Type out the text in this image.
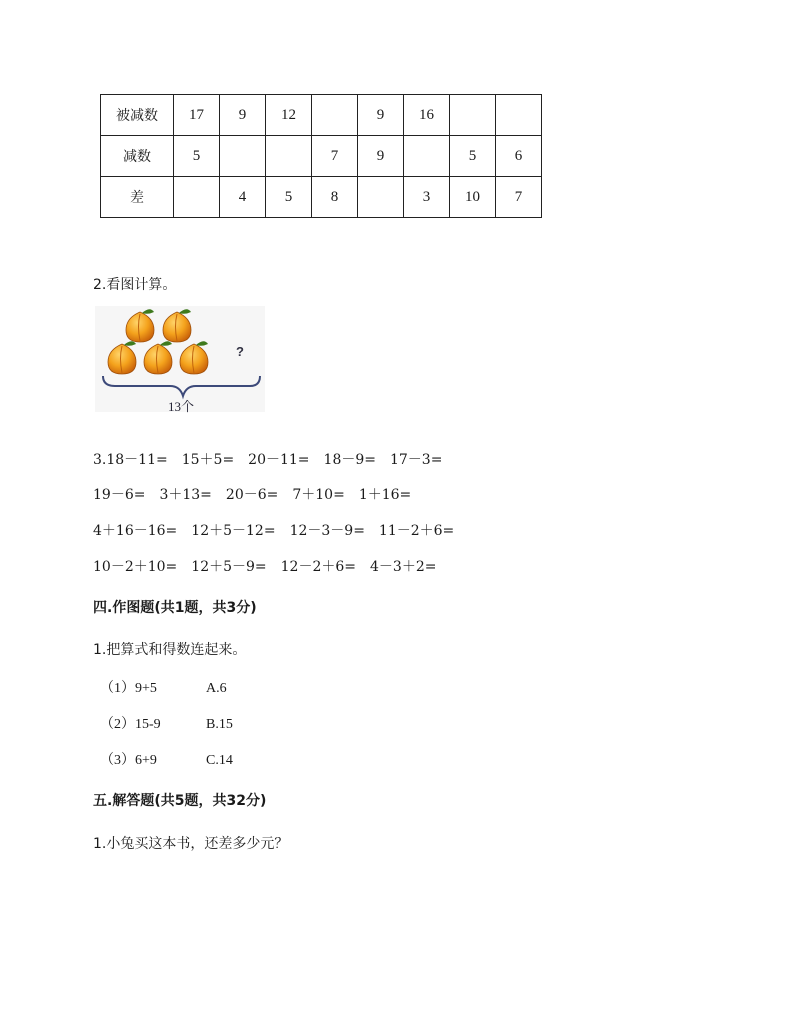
被减数	17	9	12		9	16		
减数	5			7	9		5	6
差		4	5	8		3	10	7
2.看图计算。
?
13个
3.18－11= 15＋5= 20－11= 18－9= 17－3=
19－6= 3＋13= 20－6= 7＋10= 1＋16=
4＋16－16= 12＋5－12= 12－3－9= 11－2＋6=
10－2＋10= 12＋5－9= 12－2＋6= 4－3＋2=
四.作图题(共1题，共3分)
1.把算式和得数连起来。
（1）9+5	A.6
（2）15-9	B.15
（3）6+9	C.14
五.解答题(共5题，共32分)
1.小兔买这本书，还差多少元？
